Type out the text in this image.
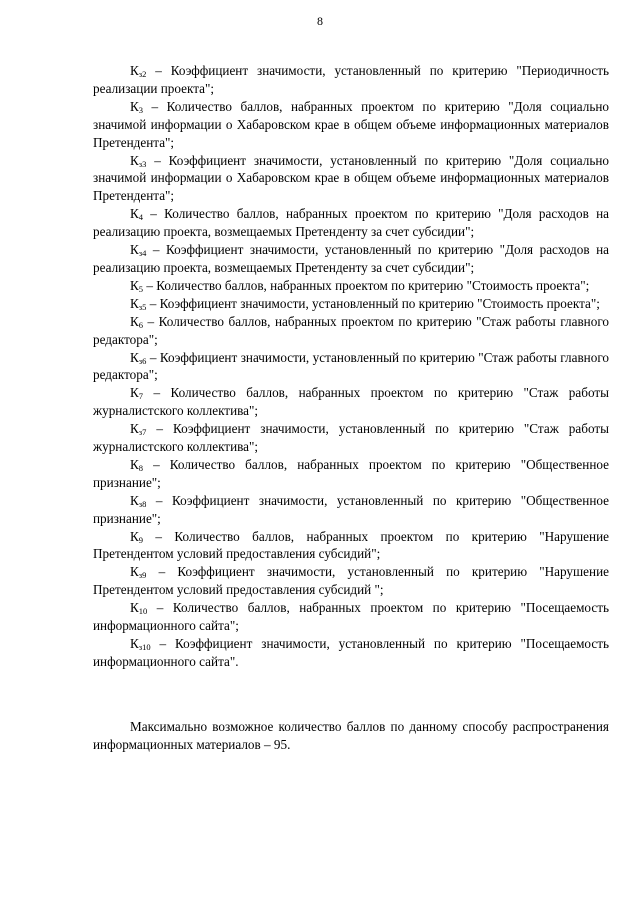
8

$К_{з2}$ – Коэффициент значимости, установленный по критерию "Периодичность реализации проекта";

$К_3$ – Количество баллов, набранных проектом по критерию "Доля социально значимой информации о Хабаровском крае в общем объеме информационных материалов Претендента";

$К_{з3}$ – Коэффициент значимости, установленный по критерию "Доля социально значимой информации о Хабаровском крае в общем объеме информационных материалов Претендента";

$К_4$ – Количество баллов, набранных проектом по критерию "Доля расходов на реализацию проекта, возмещаемых Претенденту за счет субсидии";

$К_{з4}$ – Коэффициент значимости, установленный по критерию "Доля расходов на реализацию проекта, возмещаемых Претенденту за счет субсидии";

$К_5$ – Количество баллов, набранных проектом по критерию "Стоимость проекта";

$К_{з5}$ – Коэффициент значимости, установленный по критерию "Стоимость проекта";

$К_6$ – Количество баллов, набранных проектом по критерию "Стаж работы главного редактора";

$К_{з6}$ – Коэффициент значимости, установленный по критерию "Стаж работы главного редактора";

$К_7$ – Количество баллов, набранных проектом по критерию "Стаж работы журналистского коллектива";

$К_{з7}$ – Коэффициент значимости, установленный по критерию "Стаж работы журналистского коллектива";

$К_8$ – Количество баллов, набранных проектом по критерию "Общественное признание";

$К_{з8}$ – Коэффициент значимости, установленный по критерию "Общественное признание";

$К_9$ – Количество баллов, набранных проектом по критерию "Нарушение Претендентом условий предоставления субсидий";

$К_{з9}$ – Коэффициент значимости, установленный по критерию "Нарушение Претендентом условий предоставления субсидий ";

$К_{10}$ – Количество баллов, набранных проектом по критерию "Посещаемость информационного сайта";

$К_{з10}$ – Коэффициент значимости, установленный по критерию "Посещаемость информационного сайта".

Максимально возможное количество баллов по данному способу распространения информационных материалов – 95.
